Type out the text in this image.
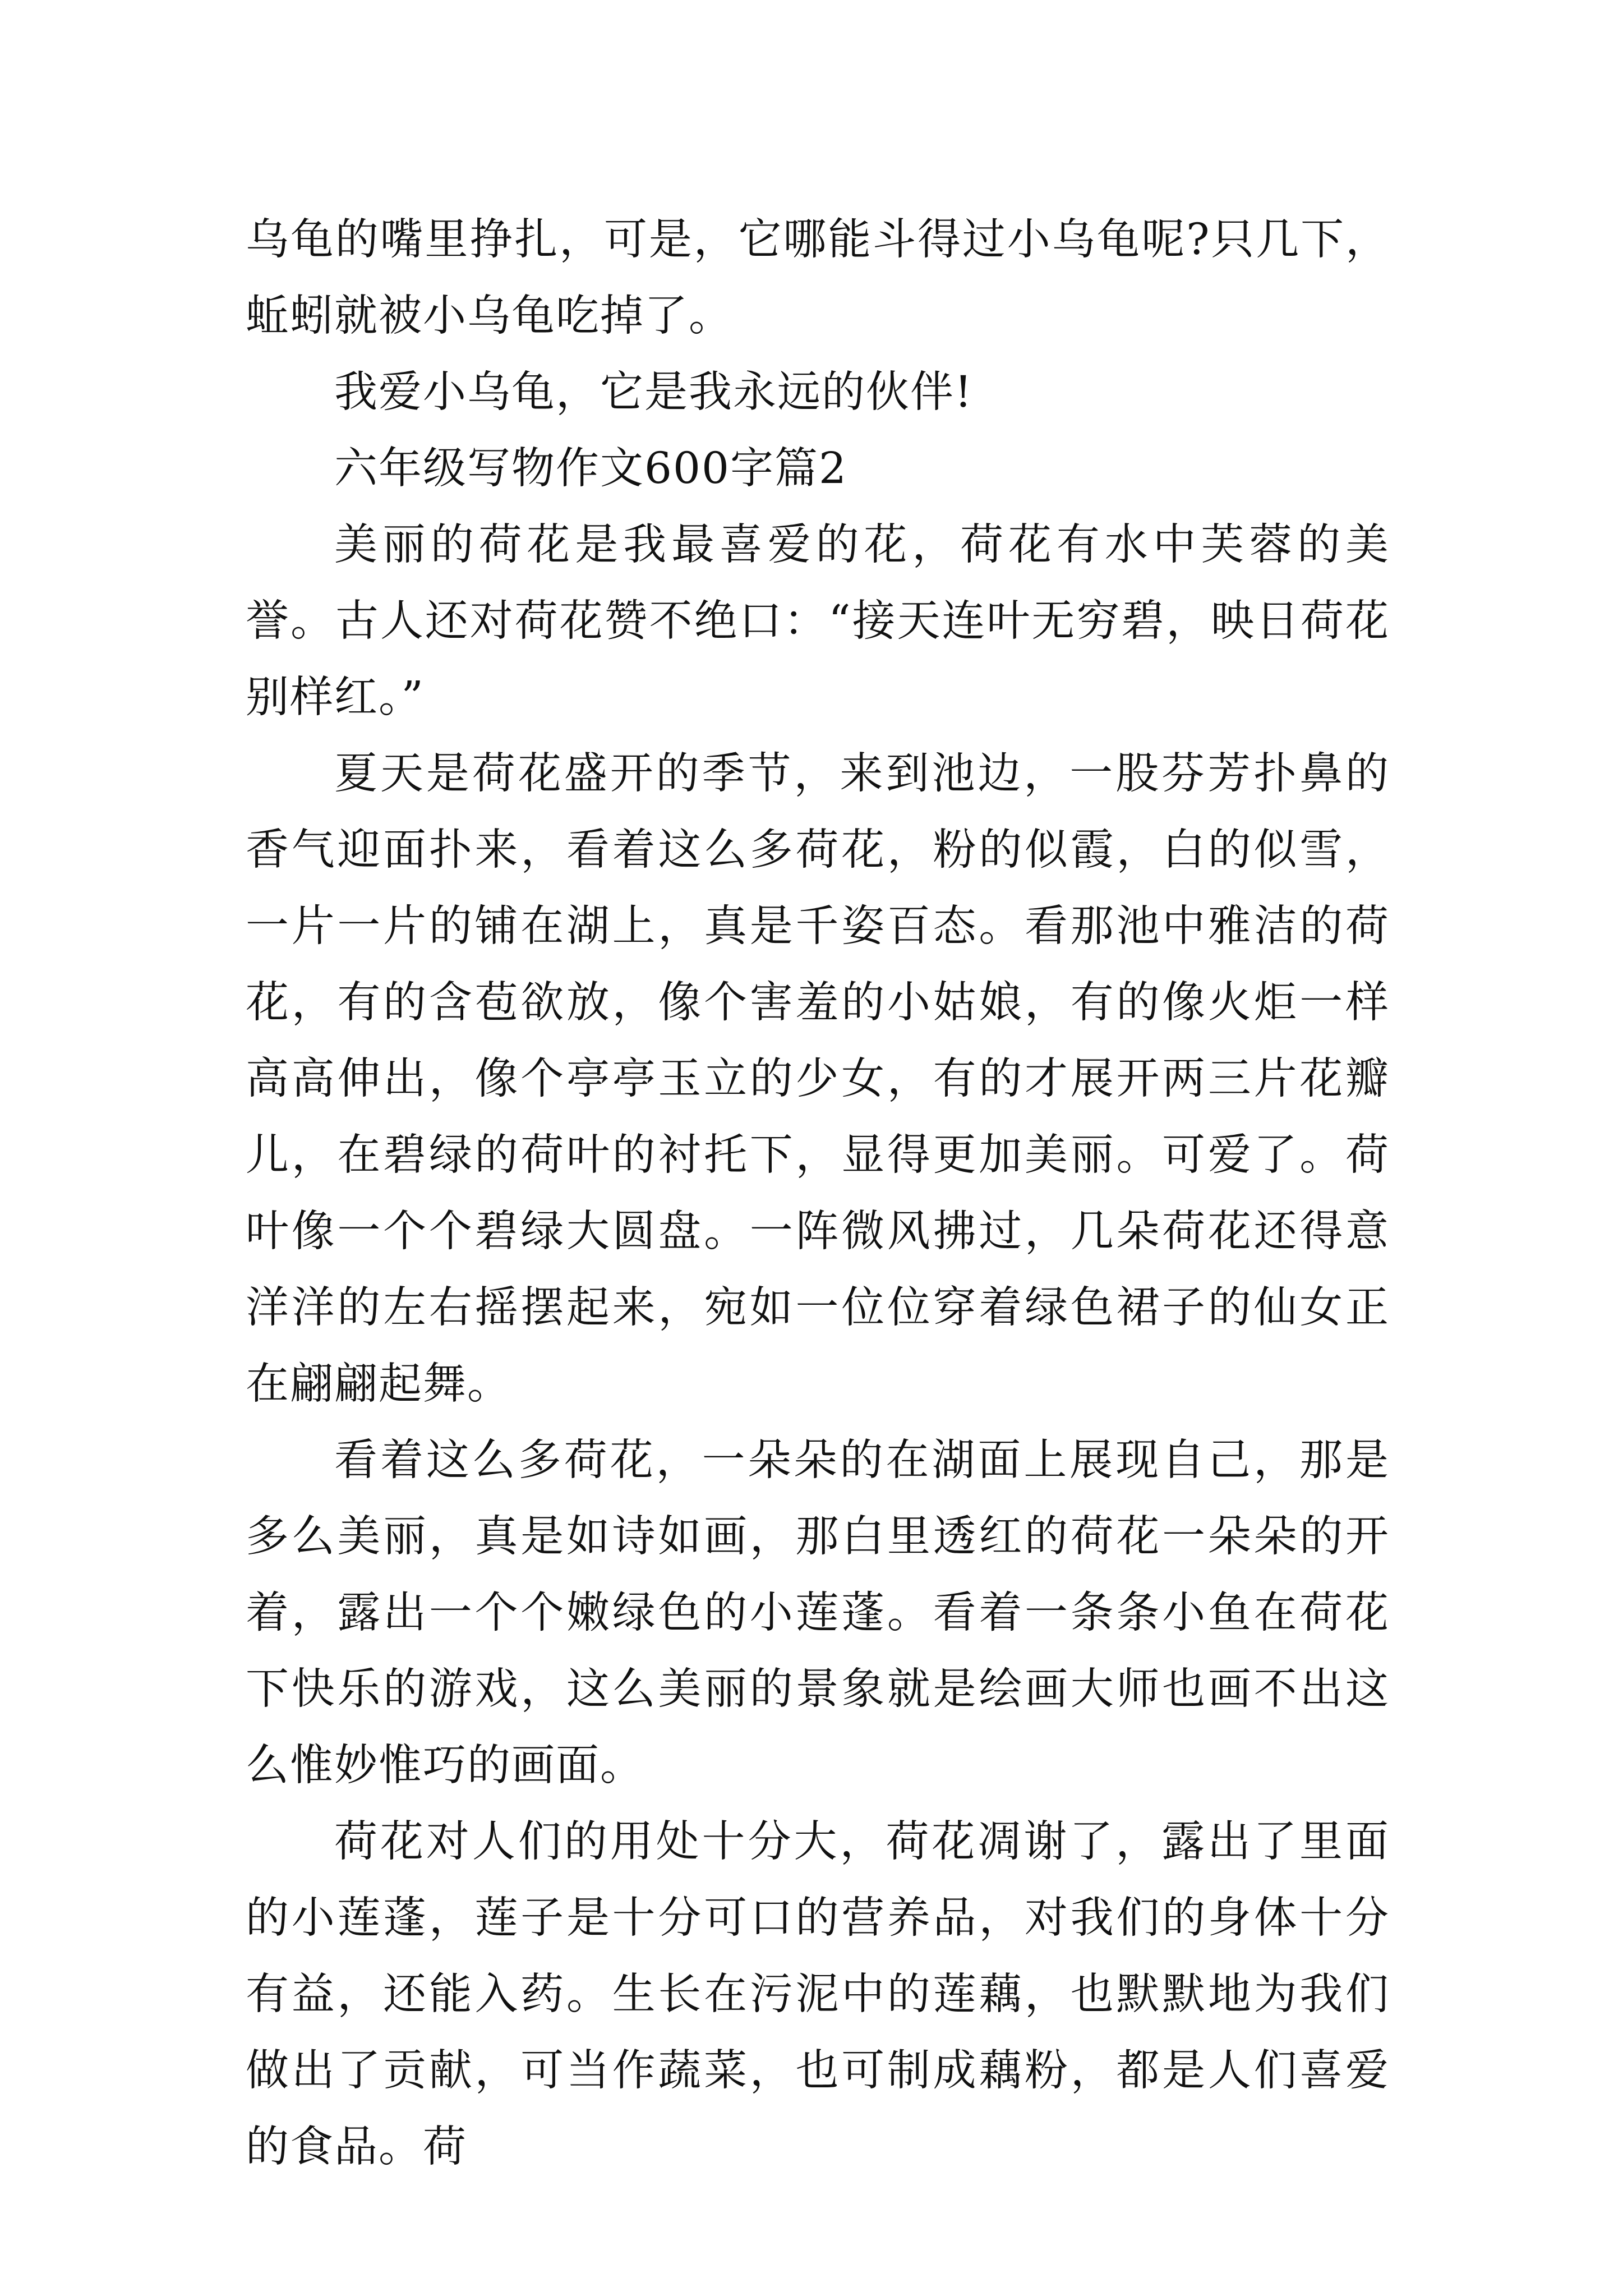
乌龟的嘴里挣扎，可是，它哪能斗得过小乌龟呢?只几下，蚯蚓就被小乌龟吃掉了。

我爱小乌龟，它是我永远的伙伴!

六年级写物作文600字篇2

美丽的荷花是我最喜爱的花，荷花有水中芙蓉的美誉。古人还对荷花赞不绝口：“接天连叶无穷碧，映日荷花别样红。”

夏天是荷花盛开的季节，来到池边，一股芬芳扑鼻的香气迎面扑来，看着这么多荷花，粉的似霞，白的似雪，一片一片的铺在湖上，真是千姿百态。看那池中雅洁的荷花，有的含苞欲放，像个害羞的小姑娘，有的像火炬一样高高伸出，像个亭亭玉立的少女，有的才展开两三片花瓣儿，在碧绿的荷叶的衬托下，显得更加美丽。可爱了。荷叶像一个个碧绿大圆盘。一阵微风拂过，几朵荷花还得意洋洋的左右摇摆起来，宛如一位位穿着绿色裙子的仙女正在翩翩起舞。

看着这么多荷花，一朵朵的在湖面上展现自己，那是多么美丽，真是如诗如画，那白里透红的荷花一朵朵的开着，露出一个个嫩绿色的小莲蓬。看着一条条小鱼在荷花下快乐的游戏，这么美丽的景象就是绘画大师也画不出这么惟妙惟巧的画面。

荷花对人们的用处十分大，荷花凋谢了，露出了里面的小莲蓬，莲子是十分可口的营养品，对我们的身体十分有益，还能入药。生长在污泥中的莲藕，也默默地为我们做出了贡献，可当作蔬菜，也可制成藕粉，都是人们喜爱的食品。荷
